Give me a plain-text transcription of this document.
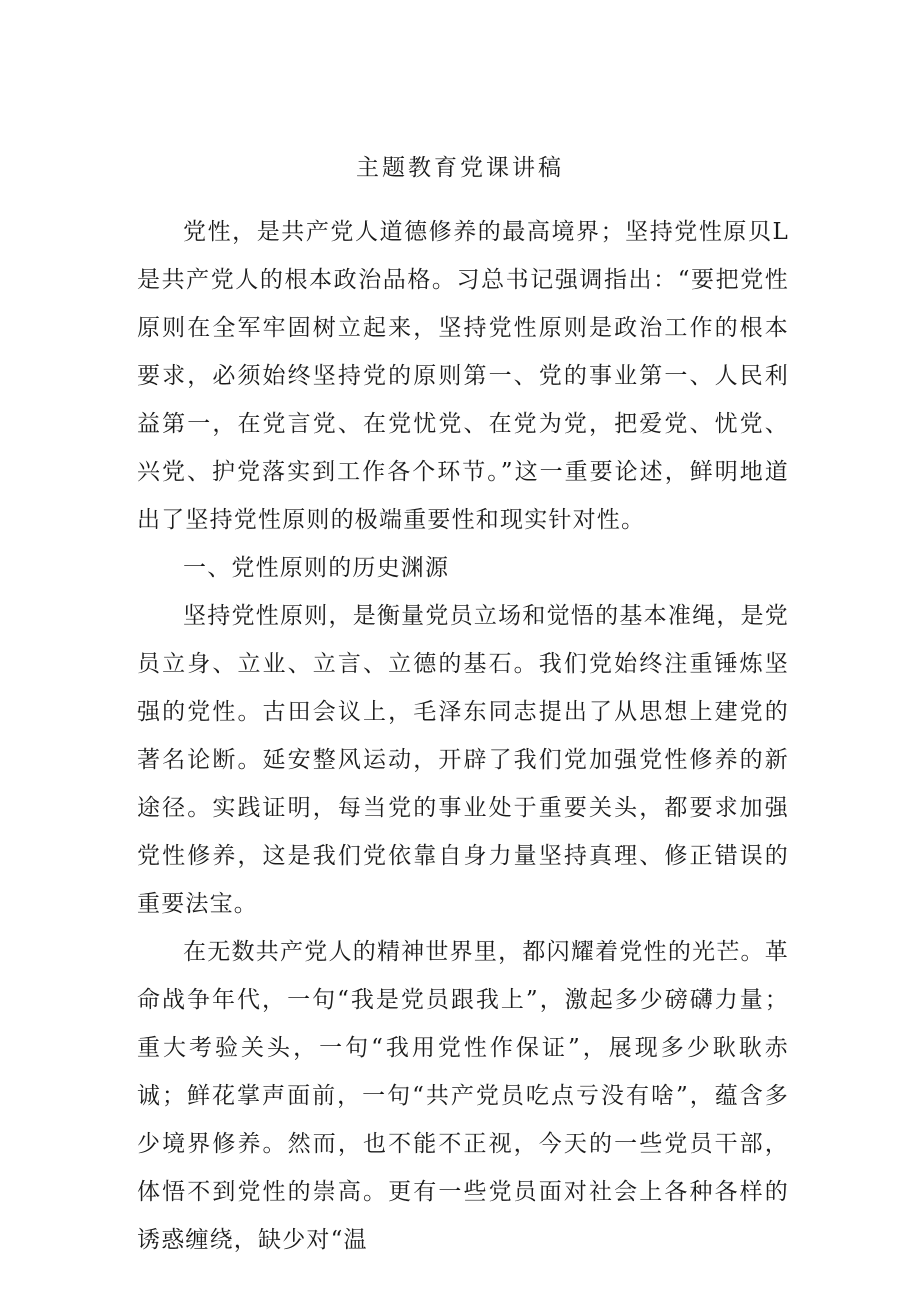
主题教育党课讲稿

党性，是共产党人道德修养的最高境界；坚持党性原贝L是共产党人的根本政治品格。习总书记强调指出：“要把党性原则在全军牢固树立起来，坚持党性原则是政治工作的根本要求，必须始终坚持党的原则第一、党的事业第一、人民利益第一，在党言党、在党忧党、在党为党，把爱党、忧党、兴党、护党落实到工作各个环节。”这一重要论述，鲜明地道出了坚持党性原则的极端重要性和现实针对性。

一、党性原则的历史渊源

坚持党性原则，是衡量党员立场和觉悟的基本准绳，是党员立身、立业、立言、立德的基石。我们党始终注重锤炼坚强的党性。古田会议上，毛泽东同志提出了从思想上建党的著名论断。延安整风运动，开辟了我们党加强党性修养的新途径。实践证明，每当党的事业处于重要关头，都要求加强党性修养，这是我们党依靠自身力量坚持真理、修正错误的重要法宝。

在无数共产党人的精神世界里，都闪耀着党性的光芒。革命战争年代，一句“我是党员跟我上”，激起多少磅礴力量；重大考验关头，一句“我用党性作保证”，展现多少耿耿赤诚；鲜花掌声面前，一句“共产党员吃点亏没有啥”，蕴含多少境界修养。然而，也不能不正视，今天的一些党员干部，体悟不到党性的崇高。更有一些党员面对社会上各种各样的诱惑缠绕，缺少对“温
